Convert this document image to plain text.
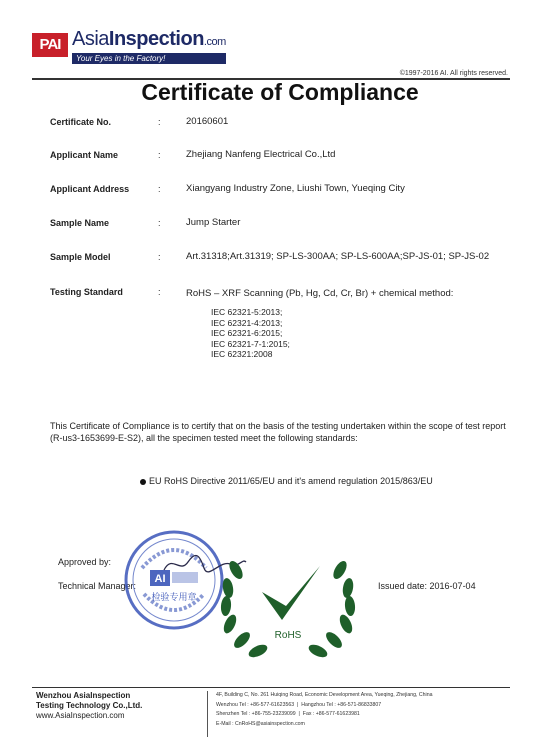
PAI AsiaInspection.com
Your Eyes in the Factory!
©1997-2016 AI. All rights reserved.
Certificate of Compliance
Certificate No.	:	20160601
Applicant Name	:	Zhejiang Nanfeng Electrical Co.,Ltd
Applicant Address	:	Xiangyang Industry Zone, Liushi Town, Yueqing City
Sample Name	:	Jump Starter
Sample Model	:	Art.31318;Art.31319; SP-LS-300AA; SP-LS-600AA;SP-JS-01; SP-JS-02
Testing Standard	:	RoHS – XRF Scanning (Pb, Hg, Cd, Cr, Br) + chemical method:
IEC 62321-5:2013;
IEC 62321-4:2013;
IEC 62321-6:2015;
IEC 62321-7-1:2015;
IEC 62321:2008
This Certificate of Compliance is to certify that on the basis of the testing undertaken within the scope of test report (R-us3-1653699-E-S2), all the specimen tested meet the following standards:
EU RoHS Directive 2011/65/EU and it's amend regulation 2015/863/EU
Approved by:
Technical Manager:	Issued date: 2016-07-04
AI
检验专用章
RoHS
Wenzhou AsiaInspection
Testing Technology Co.,Ltd.
www.AsiaInspection.com
4F, Building C, No. 261 Huiqing Road, Economic Development Area, Yueqing, Zhejiang, China
Wenzhou Tel : +86-577-61623563  |  Hangzhou Tel : +86-571-86833807
Shenzhen Tel : +86-755-23239099  |  Fax : +86-577-61623981
E-Mail : CnRoHS@asiainspection.com
